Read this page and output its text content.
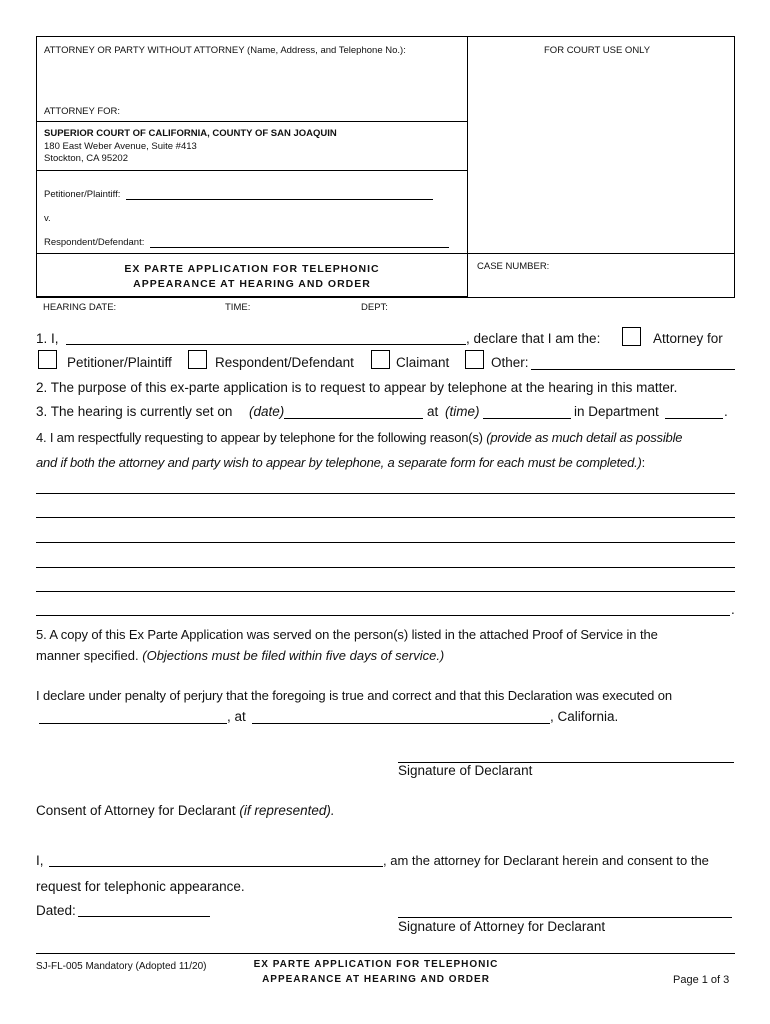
ATTORNEY OR PARTY WITHOUT ATTORNEY (Name, Address, and Telephone No.):	FOR COURT USE ONLY
ATTORNEY FOR:
SUPERIOR COURT OF CALIFORNIA, COUNTY OF SAN JOAQUIN
180 East Weber Avenue, Suite #413
Stockton, CA 95202
Petitioner/Plaintiff:
v.
Respondent/Defendant:
EX PARTE APPLICATION FOR TELEPHONIC
APPEARANCE AT HEARING AND ORDER
CASE NUMBER:
HEARING DATE:	TIME:	DEPT:
1. I,	, declare that I am the:	Attorney for
Petitioner/Plaintiff	Respondent/Defendant	Claimant	Other:
2. The purpose of this ex-parte application is to request to appear by telephone at the hearing in this matter.
3. The hearing is currently set on (date)	at (time)	in Department	.
4. I am respectfully requesting to appear by telephone for the following reason(s) (provide as much detail as possible
and if both the attorney and party wish to appear by telephone, a separate form for each must be completed.):
.
5. A copy of this Ex Parte Application was served on the person(s) listed in the attached Proof of Service in the
manner specified. (Objections must be filed within five days of service.)
I declare under penalty of perjury that the foregoing is true and correct and that this Declaration was executed on
, at	, California.
Signature of Declarant
Consent of Attorney for Declarant (if represented).
I,	, am the attorney for Declarant herein and consent to the
request for telephonic appearance.
Dated:
Signature of Attorney for Declarant
SJ-FL-005 Mandatory (Adopted 11/20)	EX PARTE APPLICATION FOR TELEPHONIC
APPEARANCE AT HEARING AND ORDER	Page 1 of 3
